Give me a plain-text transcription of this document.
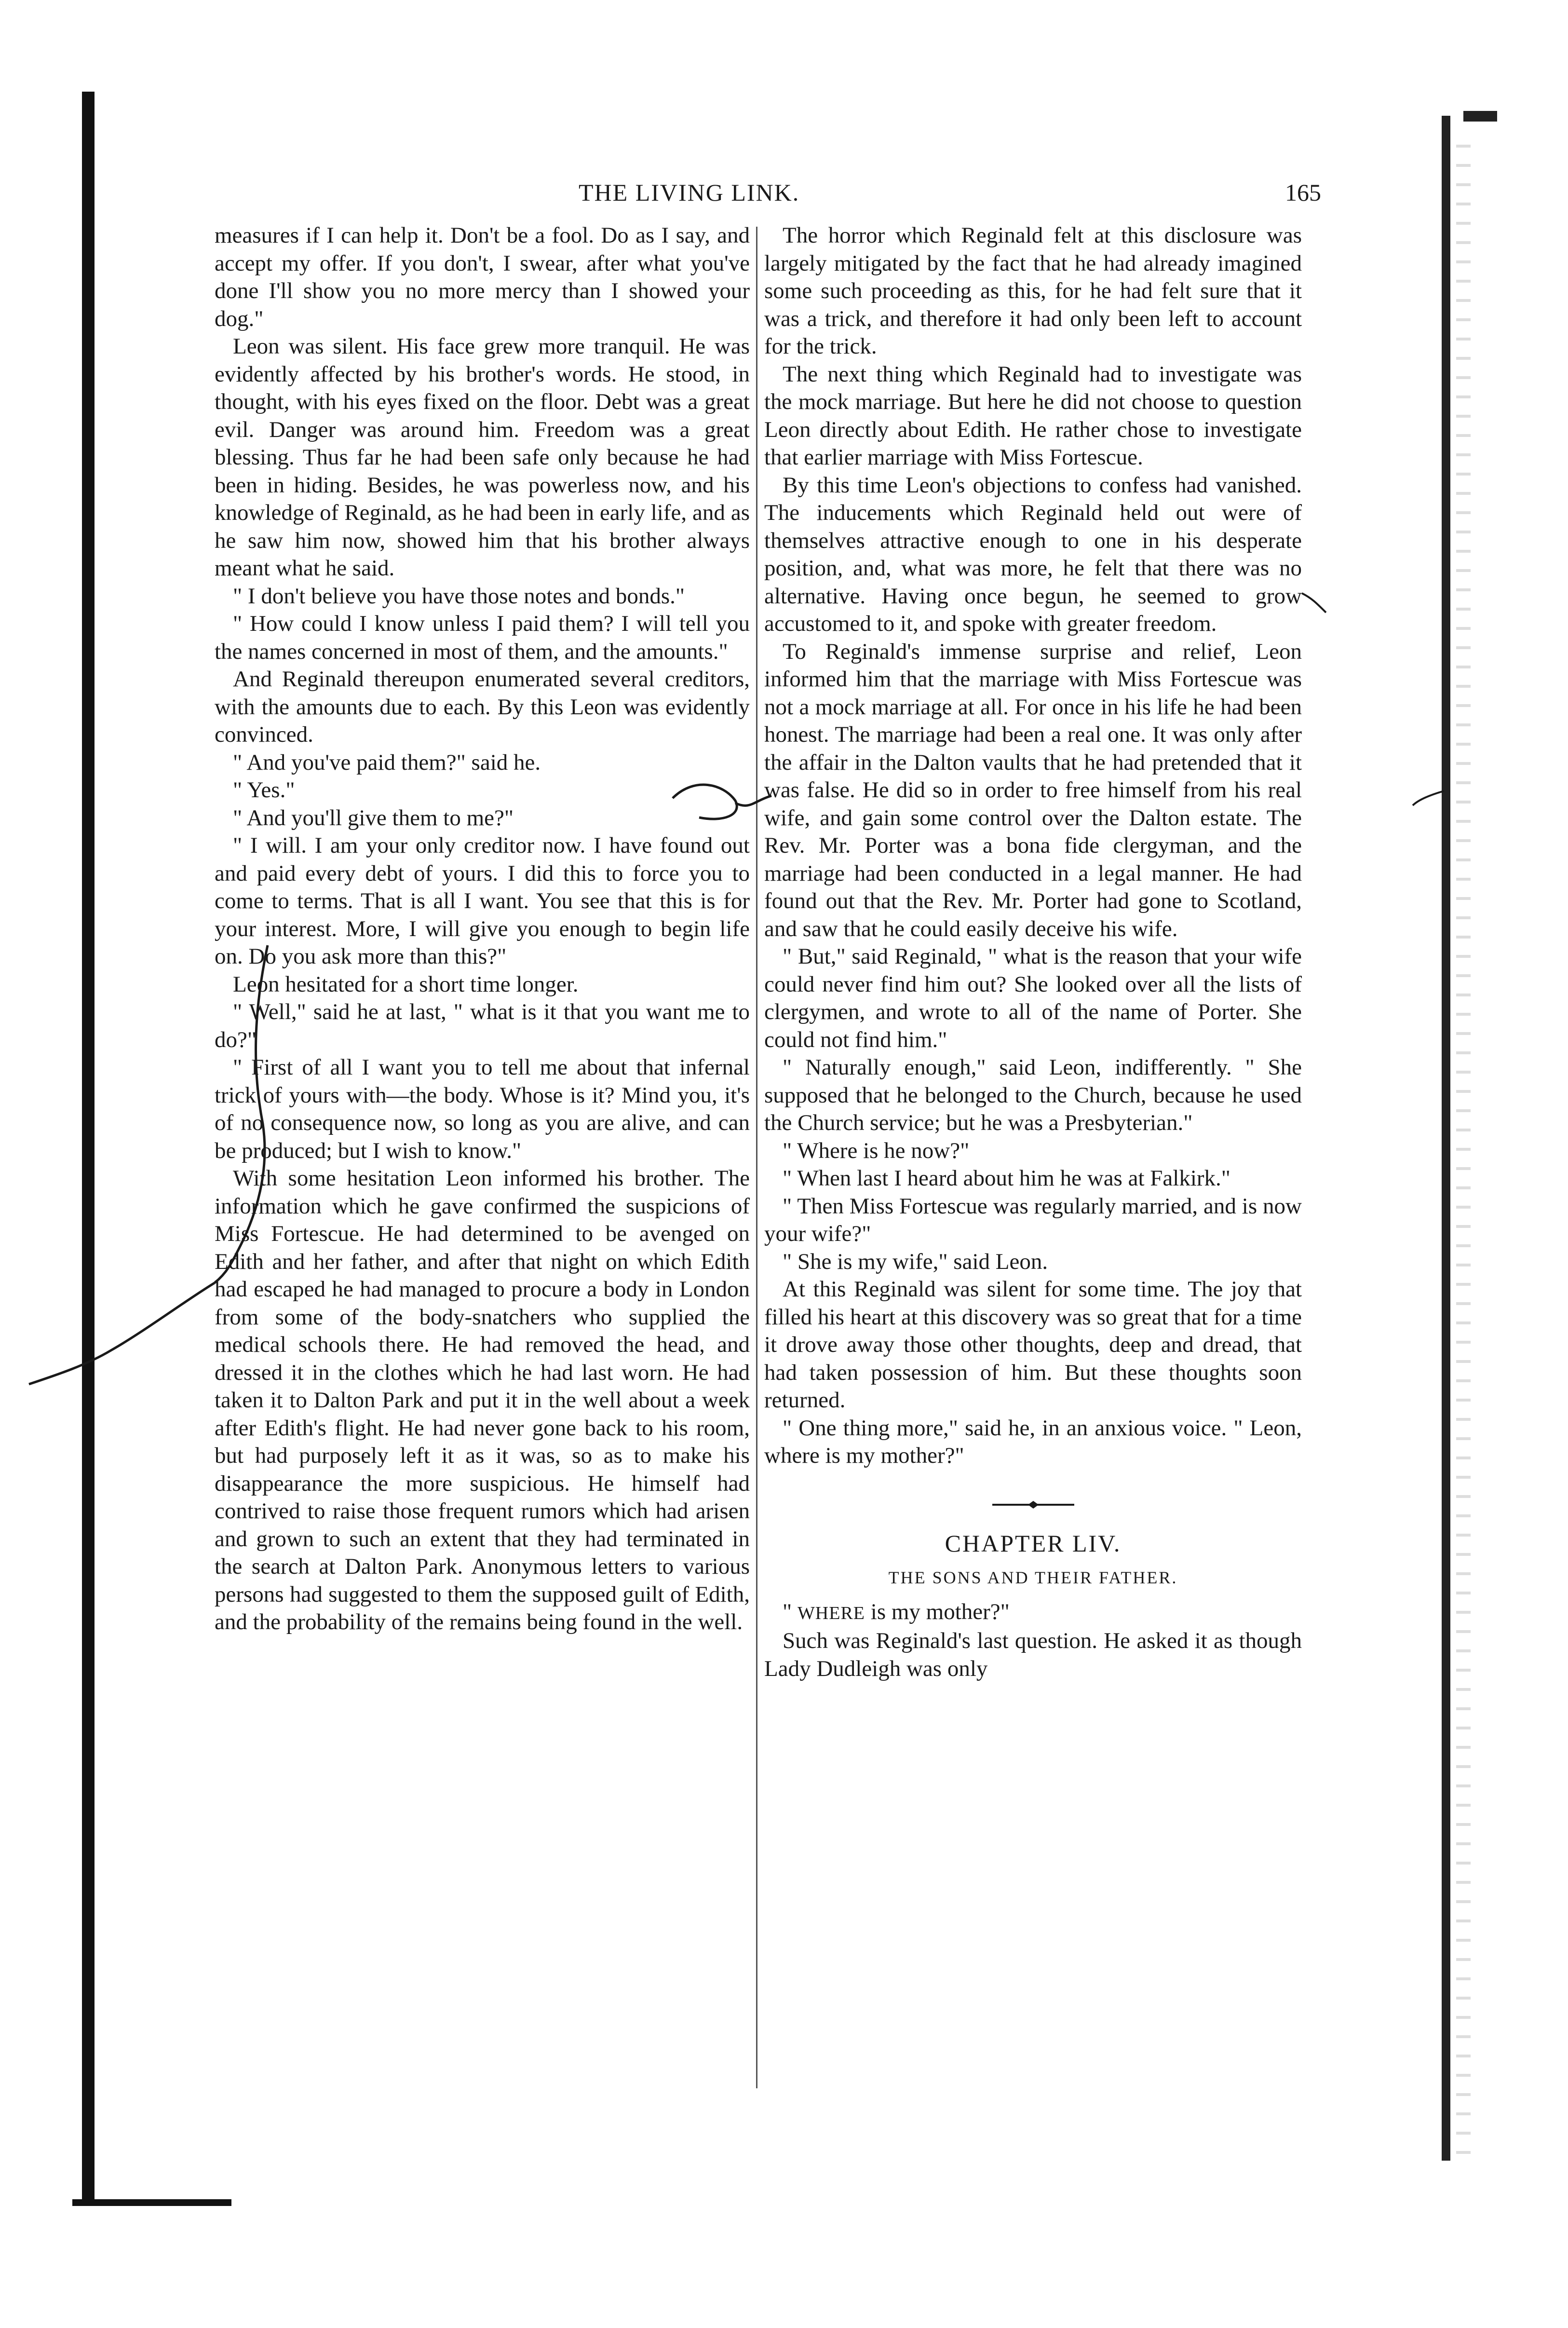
THE LIVING LINK.	165

measures if I can help it. Don't be a fool. Do as I say, and accept my offer. If you don't, I swear, after what you've done I'll show you no more mercy than I showed your dog."

Leon was silent. His face grew more tranquil. He was evidently affected by his brother's words. He stood, in thought, with his eyes fixed on the floor. Debt was a great evil. Danger was around him. Freedom was a great blessing. Thus far he had been safe only because he had been in hiding. Besides, he was powerless now, and his knowledge of Reginald, as he had been in early life, and as he saw him now, showed him that his brother always meant what he said.

" I don't believe you have those notes and bonds."

" How could I know unless I paid them? I will tell you the names concerned in most of them, and the amounts."

And Reginald thereupon enumerated several creditors, with the amounts due to each. By this Leon was evidently convinced.

" And you've paid them?" said he.

" Yes."

" And you'll give them to me?"

" I will. I am your only creditor now. I have found out and paid every debt of yours. I did this to force you to come to terms. That is all I want. You see that this is for your interest. More, I will give you enough to begin life on. Do you ask more than this?"

Leon hesitated for a short time longer.

" Well," said he at last, " what is it that you want me to do?"

" First of all I want you to tell me about that infernal trick of yours with—the body. Whose is it? Mind you, it's of no consequence now, so long as you are alive, and can be produced; but I wish to know."

With some hesitation Leon informed his brother. The information which he gave confirmed the suspicions of Miss Fortescue. He had determined to be avenged on Edith and her father, and after that night on which Edith had escaped he had managed to procure a body in London from some of the body-snatchers who supplied the medical schools there. He had removed the head, and dressed it in the clothes which he had last worn. He had taken it to Dalton Park and put it in the well about a week after Edith's flight. He had never gone back to his room, but had purposely left it as it was, so as to make his disappearance the more suspicious. He himself had contrived to raise those frequent rumors which had arisen and grown to such an extent that they had terminated in the search at Dalton Park. Anonymous letters to various persons had suggested to them the supposed guilt of Edith, and the probability of the remains being found in the well.

The horror which Reginald felt at this disclosure was largely mitigated by the fact that he had already imagined some such proceeding as this, for he had felt sure that it was a trick, and therefore it had only been left to account for the trick.

The next thing which Reginald had to investigate was the mock marriage. But here he did not choose to question Leon directly about Edith. He rather chose to investigate that earlier marriage with Miss Fortescue.

By this time Leon's objections to confess had vanished. The inducements which Reginald held out were of themselves attractive enough to one in his desperate position, and, what was more, he felt that there was no alternative. Having once begun, he seemed to grow accustomed to it, and spoke with greater freedom.

To Reginald's immense surprise and relief, Leon informed him that the marriage with Miss Fortescue was not a mock marriage at all. For once in his life he had been honest. The marriage had been a real one. It was only after the affair in the Dalton vaults that he had pretended that it was false. He did so in order to free himself from his real wife, and gain some control over the Dalton estate. The Rev. Mr. Porter was a bona fide clergyman, and the marriage had been conducted in a legal manner. He had found out that the Rev. Mr. Porter had gone to Scotland, and saw that he could easily deceive his wife.

" But," said Reginald, " what is the reason that your wife could never find him out? She looked over all the lists of clergymen, and wrote to all of the name of Porter. She could not find him."

" Naturally enough," said Leon, indifferently. " She supposed that he belonged to the Church, because he used the Church service; but he was a Presbyterian."

" Where is he now?"

" When last I heard about him he was at Falkirk."

" Then Miss Fortescue was regularly married, and is now your wife?"

" She is my wife," said Leon.

At this Reginald was silent for some time. The joy that filled his heart at this discovery was so great that for a time it drove away those other thoughts, deep and dread, that had taken possession of him. But these thoughts soon returned.

" One thing more," said he, in an anxious voice. " Leon, where is my mother?"

CHAPTER LIV.

THE SONS AND THEIR FATHER.

" WHERE is my mother?"

Such was Reginald's last question. He asked it as though Lady Dudleigh was only
